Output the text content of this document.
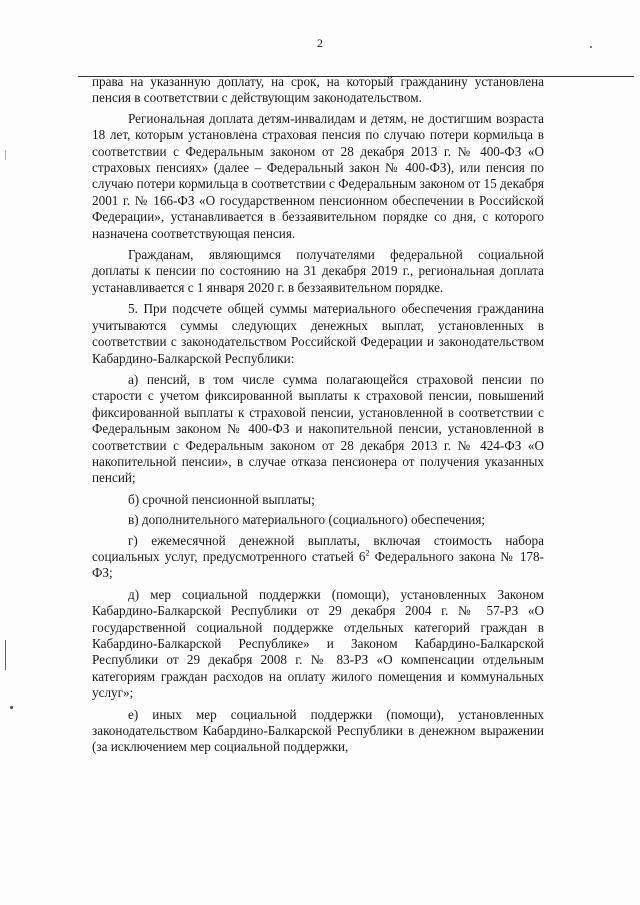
2

права на указанную доплату, на срок, на который гражданину установлена пенсия в соответствии с действующим законодательством.

Региональная доплата детям-инвалидам и детям, не достигшим возраста 18 лет, которым установлена страховая пенсия по случаю потери кормильца в соответствии с Федеральным законом от 28 декабря 2013 г. № 400-ФЗ «О страховых пенсиях» (далее – Федеральный закон № 400-ФЗ), или пенсия по случаю потери кормильца в соответствии с Федеральным законом от 15 декабря 2001 г. № 166-ФЗ «О государственном пенсионном обеспечении в Российской Федерации», устанавливается в беззаявительном порядке со дня, с которого назначена соответствующая пенсия.

Гражданам, являющимся получателями федеральной социальной доплаты к пенсии по состоянию на 31 декабря 2019 г., региональная доплата устанавливается с 1 января 2020 г. в беззаявительном порядке.

5. При подсчете общей суммы материального обеспечения гражданина учитываются суммы следующих денежных выплат, установленных в соответствии с законодательством Российской Федерации и законодательством Кабардино-Балкарской Республики:

а) пенсий, в том числе сумма полагающейся страховой пенсии по старости с учетом фиксированной выплаты к страховой пенсии, повышений фиксированной выплаты к страховой пенсии, установленной в соответствии с Федеральным законом № 400-ФЗ и накопительной пенсии, установленной в соответствии с Федеральным законом от 28 декабря 2013 г. № 424-ФЗ «О накопительной пенсии», в случае отказа пенсионера от получения указанных пенсий;

б) срочной пенсионной выплаты;

в) дополнительного материального (социального) обеспечения;

г) ежемесячной денежной выплаты, включая стоимость набора социальных услуг, предусмотренного статьей $6^2$ Федерального закона № 178-ФЗ;

д) мер социальной поддержки (помощи), установленных Законом Кабардино-Балкарской Республики от 29 декабря 2004 г. № 57-РЗ «О государственной социальной поддержке отдельных категорий граждан в Кабардино-Балкарской Республике» и Законом Кабардино-Балкарской Республики от 29 декабря 2008 г. № 83-РЗ «О компенсации отдельным категориям граждан расходов на оплату жилого помещения и коммунальных услуг»;

е) иных мер социальной поддержки (помощи), установленных законодательством Кабардино-Балкарской Республики в денежном выражении (за исключением мер социальной поддержки,
